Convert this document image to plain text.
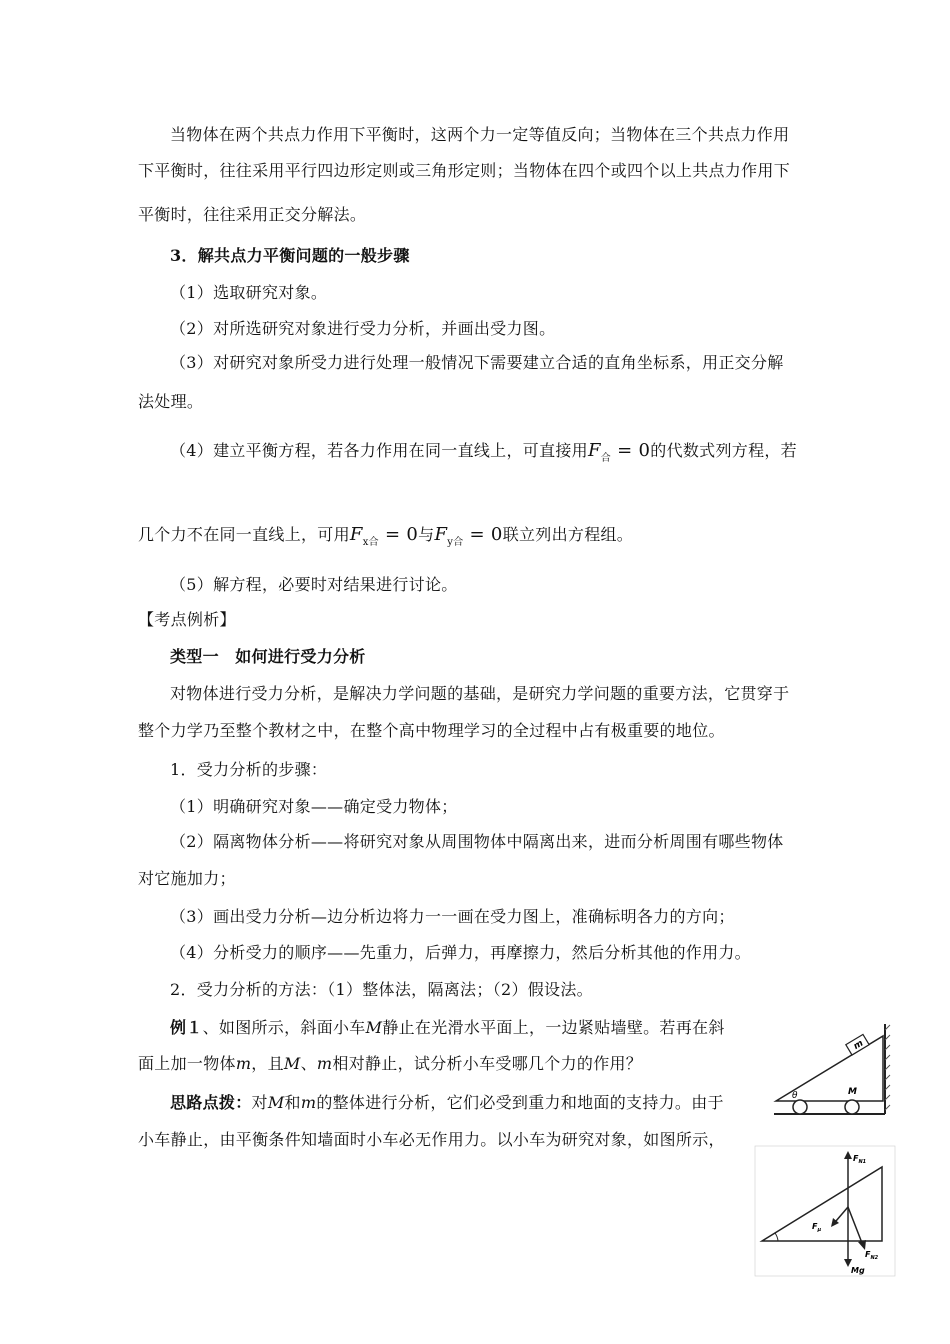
当物体在两个共点力作用下平衡时，这两个力一定等值反向；当物体在三个共点力作用
下平衡时，往往采用平行四边形定则或三角形定则；当物体在四个或四个以上共点力作用下
平衡时，往往采用正交分解法。
3．解共点力平衡问题的一般步骤
（1）选取研究对象。
（2）对所选研究对象进行受力分析，并画出受力图。
（3）对研究对象所受力进行处理一般情况下需要建立合适的直角坐标系，用正交分解
法处理。
（4）建立平衡方程，若各力作用在同一直线上，可直接用$F_合 = 0$的代数式列方程，若
几个力不在同一直线上，可用$F_{x合} = 0$与$F_{y合} = 0$联立列出方程组。
（5）解方程，必要时对结果进行讨论。
【考点例析】
类型一　如何进行受力分析
对物体进行受力分析，是解决力学问题的基础，是研究力学问题的重要方法，它贯穿于
整个力学乃至整个教材之中，在整个高中物理学习的全过程中占有极重要的地位。
1．受力分析的步骤：
（1）明确研究对象——确定受力物体；
（2）隔离物体分析——将研究对象从周围物体中隔离出来，进而分析周围有哪些物体
对它施加力；
（3）画出受力分析—边分析边将力一一画在受力图上，准确标明各力的方向；
（4）分析受力的顺序——先重力，后弹力，再摩擦力，然后分析其他的作用力。
2．受力分析的方法：（1）整体法，隔离法；（2）假设法。
例１、如图所示，斜面小车M静止在光滑水平面上，一边紧贴墙壁。若再在斜
面上加一物体m，且M、m相对静止，试分析小车受哪几个力的作用？
思路点拨：对M和m的整体进行分析，它们必受到重力和地面的支持力。由于
小车静止，由平衡条件知墙面时小车必无作用力。以小车为研究对象，如图所示，
m
θ	M
$F_{N1}$
$F_\mu$
$F_{N2}$
Mg
